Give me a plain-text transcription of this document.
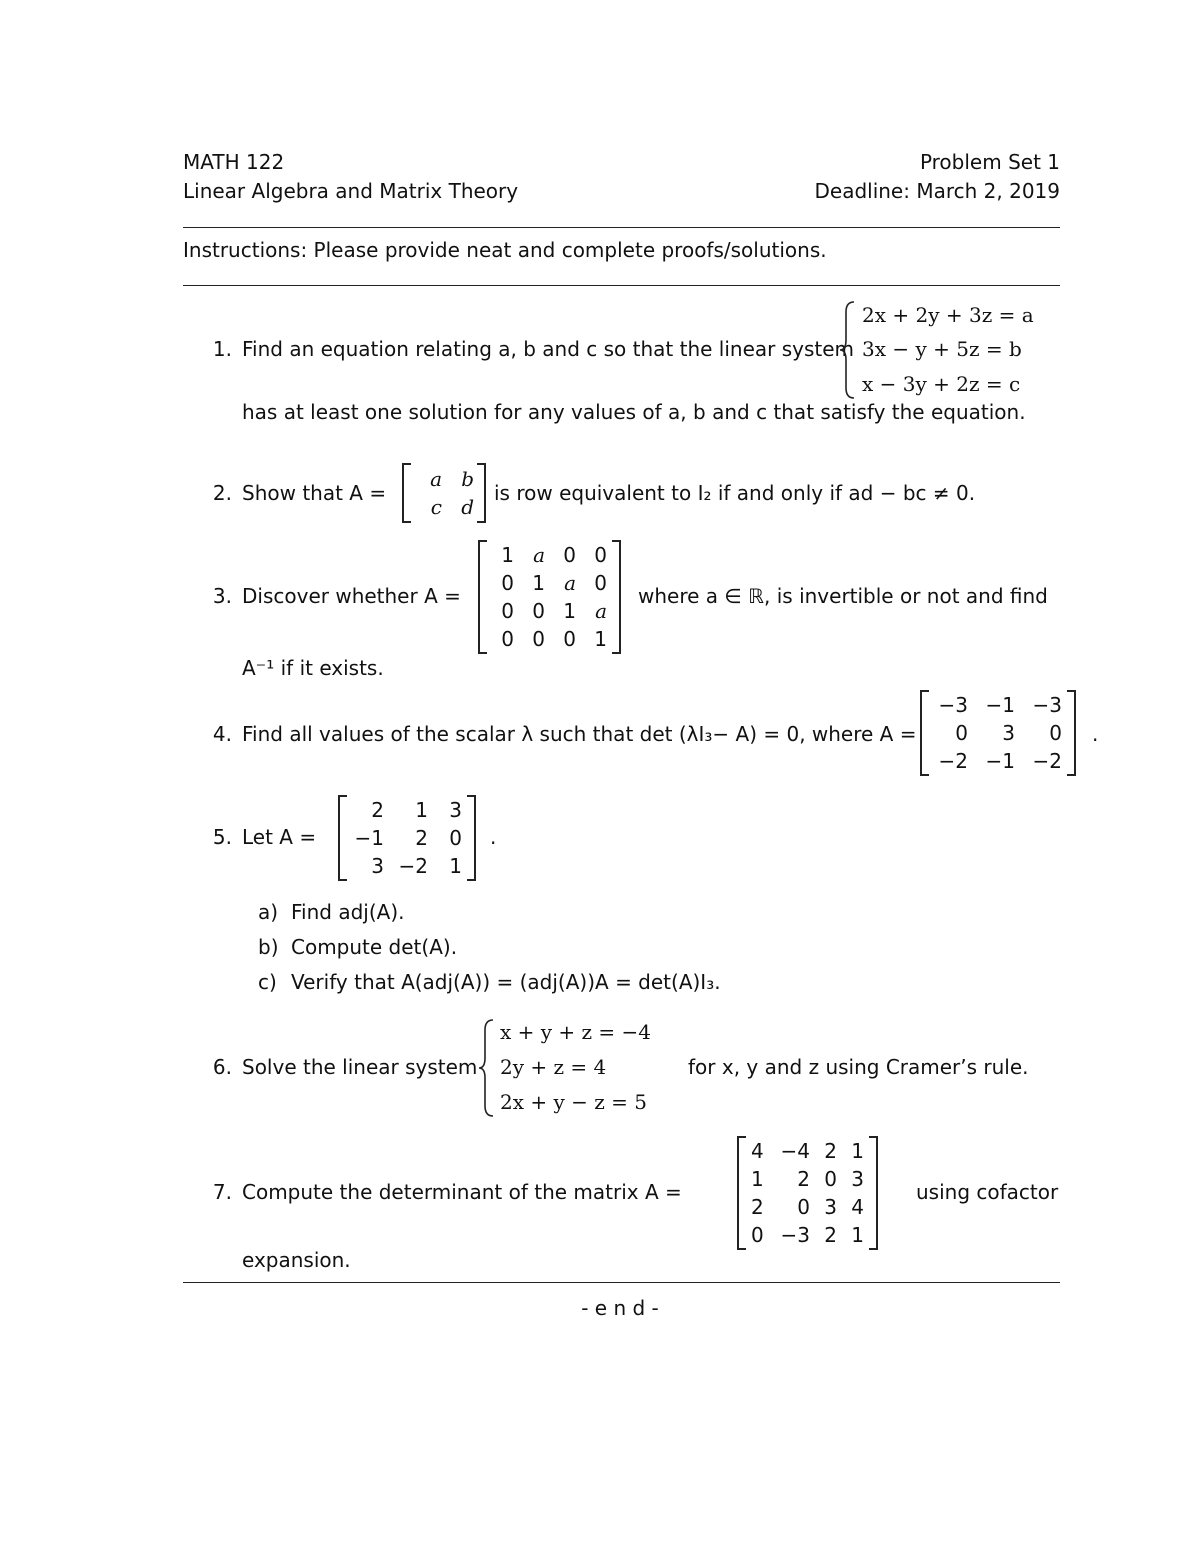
MATH 122
Linear Algebra and Matrix Theory
Problem Set 1
Deadline: March 2, 2019
Instructions: Please provide neat and complete proofs/solutions.
1. Find an equation relating a, b and c so that the linear system
2x + 2y + 3z = a
3x − y + 5z = b
x − 3y + 2z = c
has at least one solution for any values of a, b and c that satisfy the equation.
2. Show that A =
a b
c d
is row equivalent to I₂ if and only if ad − bc ≠ 0.
3. Discover whether A =
1 a 0 0
0 1 a 0
0 0 1 a
0 0 0 1
where a ∈ ℝ, is invertible or not and find
A⁻¹ if it exists.
4. Find all values of the scalar λ such that det (λI₃− A) = 0, where A =
−3 −1 −3
0	3	0
−2 −1 −2
.
5. Let A =
2	1	3
−1	2	0
3 −2	1
.
a) Find adj(A).
b) Compute det(A).
c) Verify that A(adj(A)) = (adj(A))A = det(A)I₃.
6. Solve the linear system
x + y + z = −4
2y + z = 4
2x + y − z = 5
for x, y and z using Cramer’s rule.
7. Compute the determinant of the matrix A =
4 −4 2 1
1	2 0 3
2	0 3 4
0 −3 2 1
using cofactor
expansion.
- e n d -
